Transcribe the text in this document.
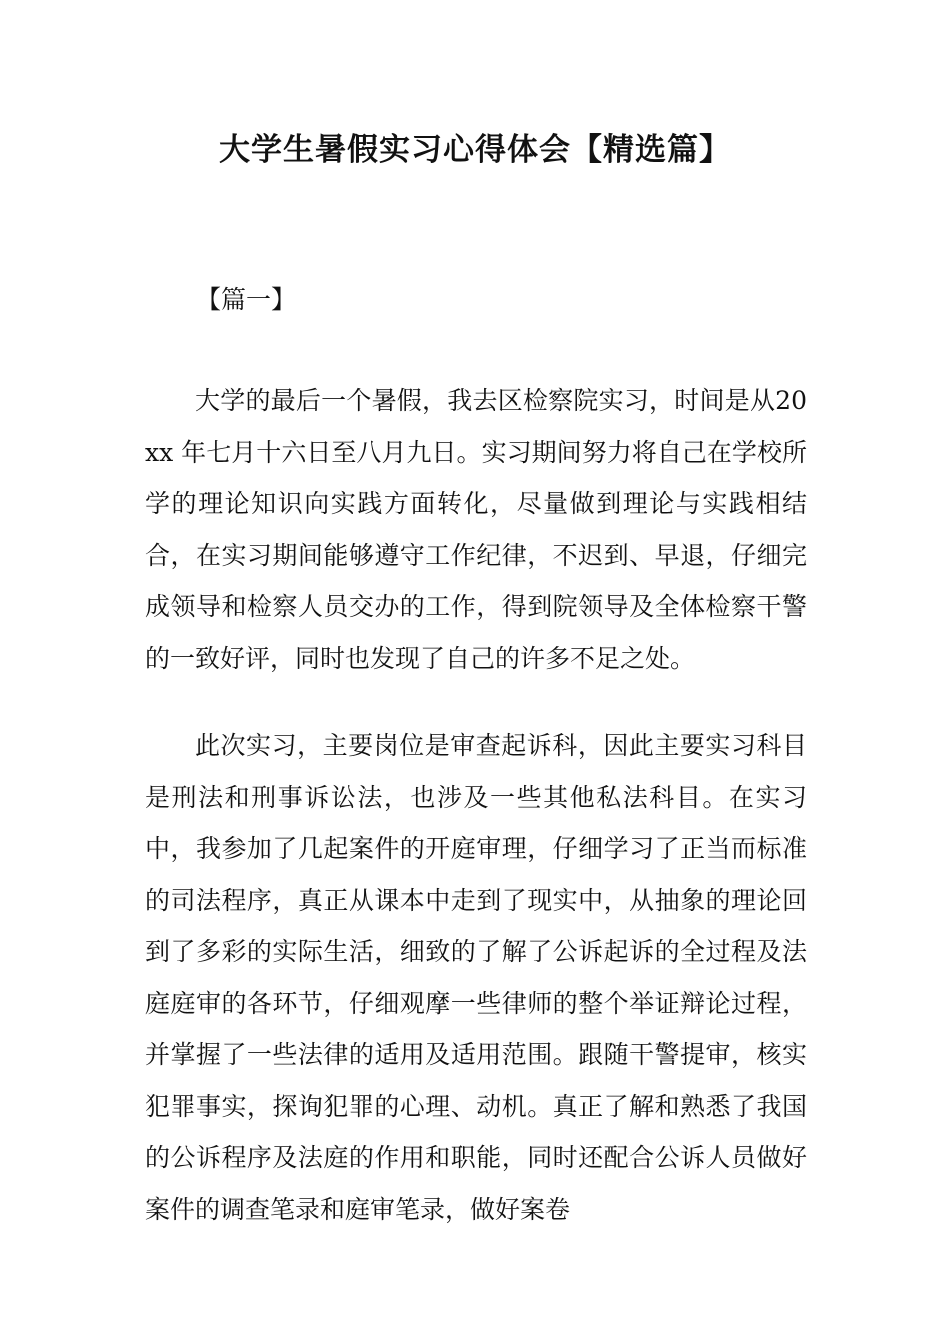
大学生暑假实习心得体会【精选篇】

【篇一】

大学的最后一个暑假，我去区检察院实习，时间是从20xx 年七月十六日至八月九日。实习期间努力将自己在学校所学的理论知识向实践方面转化，尽量做到理论与实践相结合，在实习期间能够遵守工作纪律，不迟到、早退，仔细完成领导和检察人员交办的工作，得到院领导及全体检察干警的一致好评，同时也发现了自己的许多不足之处。

此次实习，主要岗位是审查起诉科，因此主要实习科目是刑法和刑事诉讼法，也涉及一些其他私法科目。在实习中，我参加了几起案件的开庭审理，仔细学习了正当而标准的司法程序，真正从课本中走到了现实中，从抽象的理论回到了多彩的实际生活，细致的了解了公诉起诉的全过程及法庭庭审的各环节，仔细观摩一些律师的整个举证辩论过程，并掌握了一些法律的适用及适用范围。跟随干警提审，核实犯罪事实，探询犯罪的心理、动机。真正了解和熟悉了我国的公诉程序及法庭的作用和职能，同时还配合公诉人员做好案件的调查笔录和庭审笔录，做好案卷
